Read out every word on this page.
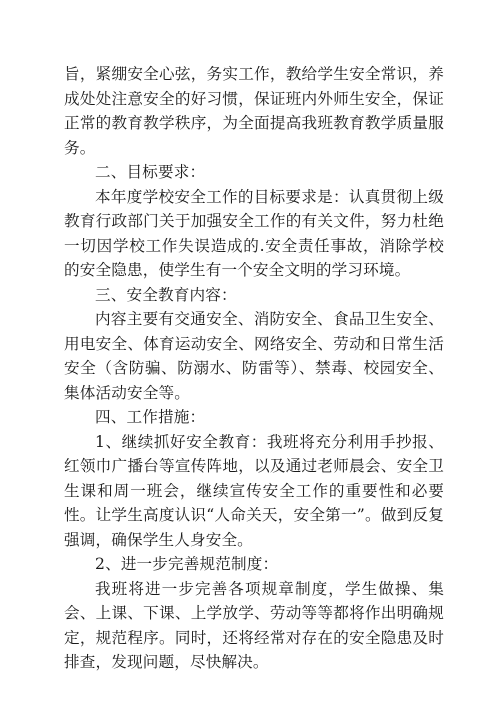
旨，紧绷安全心弦，务实工作，教给学生安全常识，养成处处注意安全的好习惯，保证班内外师生安全，保证正常的教育教学秩序，为全面提高我班教育教学质量服务。

二、目标要求：

本年度学校安全工作的目标要求是：认真贯彻上级教育行政部门关于加强安全工作的有关文件，努力杜绝一切因学校工作失误造成的.安全责任事故，消除学校的安全隐患，使学生有一个安全文明的学习环境。

三、安全教育内容：

内容主要有交通安全、消防安全、食品卫生安全、用电安全、体育运动安全、网络安全、劳动和日常生活安全（含防骗、防溺水、防雷等）、禁毒、校园安全、集体活动安全等。

四、工作措施：

1、继续抓好安全教育：我班将充分利用手抄报、红领巾广播台等宣传阵地，以及通过老师晨会、安全卫生课和周一班会，继续宣传安全工作的重要性和必要性。让学生高度认识“人命关天，安全第一”。做到反复强调，确保学生人身安全。

2、进一步完善规范制度：

我班将进一步完善各项规章制度，学生做操、集会、上课、下课、上学放学、劳动等等都将作出明确规定，规范程序。同时，还将经常对存在的安全隐患及时排查，发现问题，尽快解决。
